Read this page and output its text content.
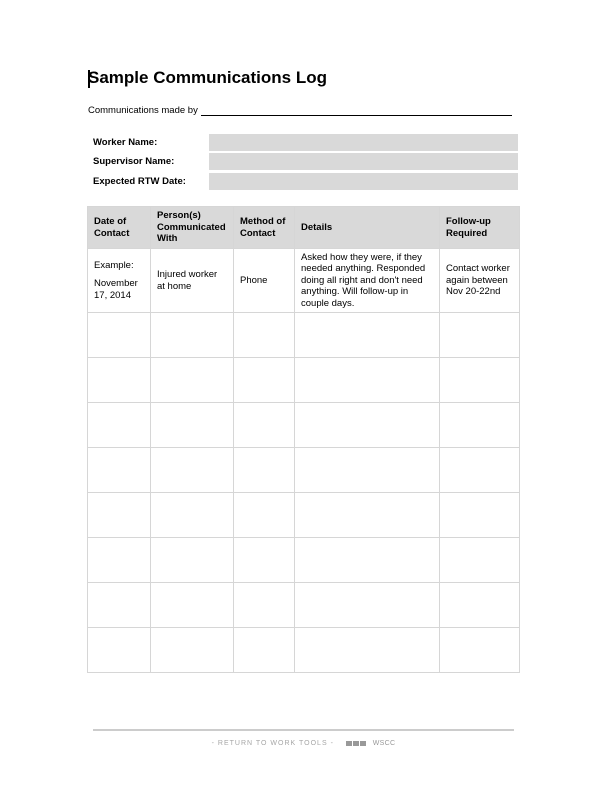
Sample Communications Log
Communications made by
Worker Name:
Supervisor Name:
Expected RTW Date:
Date of Contact	Person(s) Communicated With	Method of Contact	Details	Follow-up Required

Example:
November 17, 2014	Injured worker at home	Phone	Asked how they were, if they needed anything. Responded doing all right and don't need anything. Will follow-up in couple days.	Contact worker again between Nov 20-22nd

- RETURN TO WORK TOOLS -	WSCC
